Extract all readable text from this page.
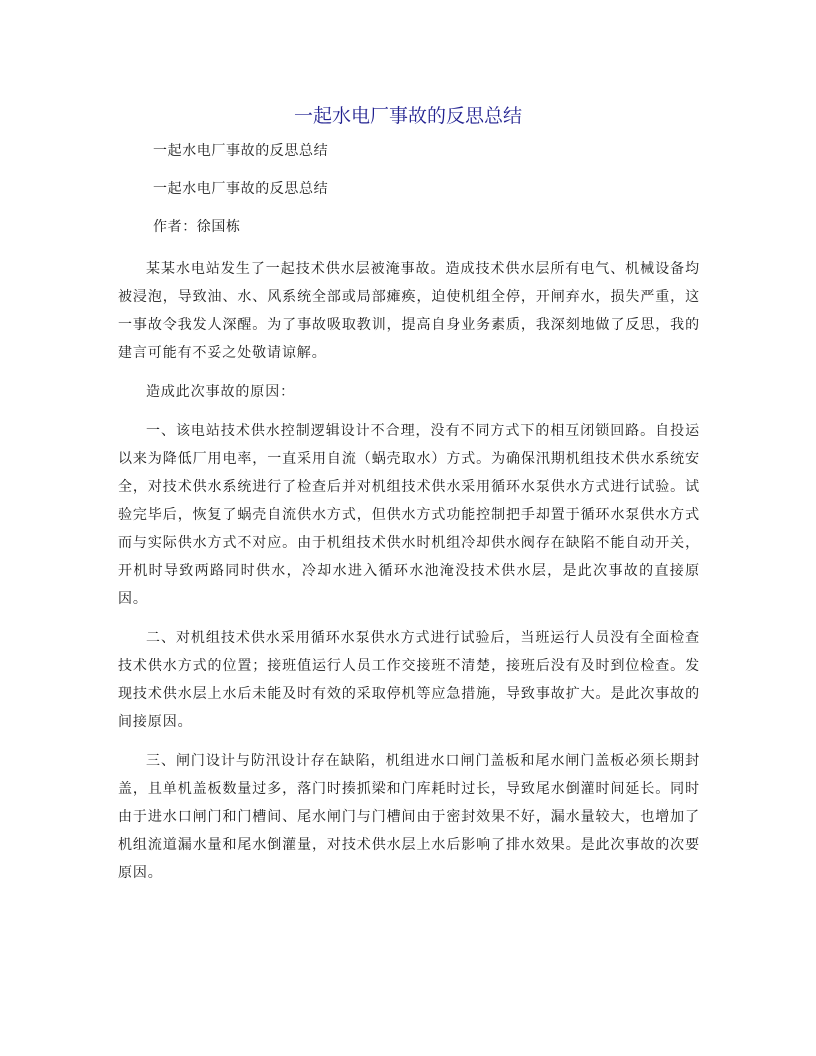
一起水电厂事故的反思总结

一起水电厂事故的反思总结

一起水电厂事故的反思总结

作者：徐国栋

某某水电站发生了一起技术供水层被淹事故。造成技术供水层所有电气、机械设备均被浸泡，导致油、水、风系统全部或局部瘫痪，迫使机组全停，开闸弃水，损失严重，这一事故令我发人深醒。为了事故吸取教训，提高自身业务素质，我深刻地做了反思，我的建言可能有不妥之处敬请谅解。

造成此次事故的原因：

一、该电站技术供水控制逻辑设计不合理，没有不同方式下的相互闭锁回路。自投运以来为降低厂用电率，一直采用自流（蜗壳取水）方式。为确保汛期机组技术供水系统安全，对技术供水系统进行了检查后并对机组技术供水采用循环水泵供水方式进行试验。试验完毕后，恢复了蜗壳自流供水方式，但供水方式功能控制把手却置于循环水泵供水方式而与实际供水方式不对应。由于机组技术供水时机组冷却供水阀存在缺陷不能自动开关，开机时导致两路同时供水，冷却水进入循环水池淹没技术供水层，是此次事故的直接原因。

二、对机组技术供水采用循环水泵供水方式进行试验后，当班运行人员没有全面检查技术供水方式的位置；接班值运行人员工作交接班不清楚，接班后没有及时到位检查。发现技术供水层上水后未能及时有效的采取停机等应急措施，导致事故扩大。是此次事故的间接原因。

三、闸门设计与防汛设计存在缺陷，机组进水口闸门盖板和尾水闸门盖板必须长期封盖，且单机盖板数量过多，落门时揍抓梁和门库耗时过长，导致尾水倒灌时间延长。同时由于进水口闸门和门槽间、尾水闸门与门槽间由于密封效果不好，漏水量较大，也增加了机组流道漏水量和尾水倒灌量，对技术供水层上水后影响了排水效果。是此次事故的次要原因。
